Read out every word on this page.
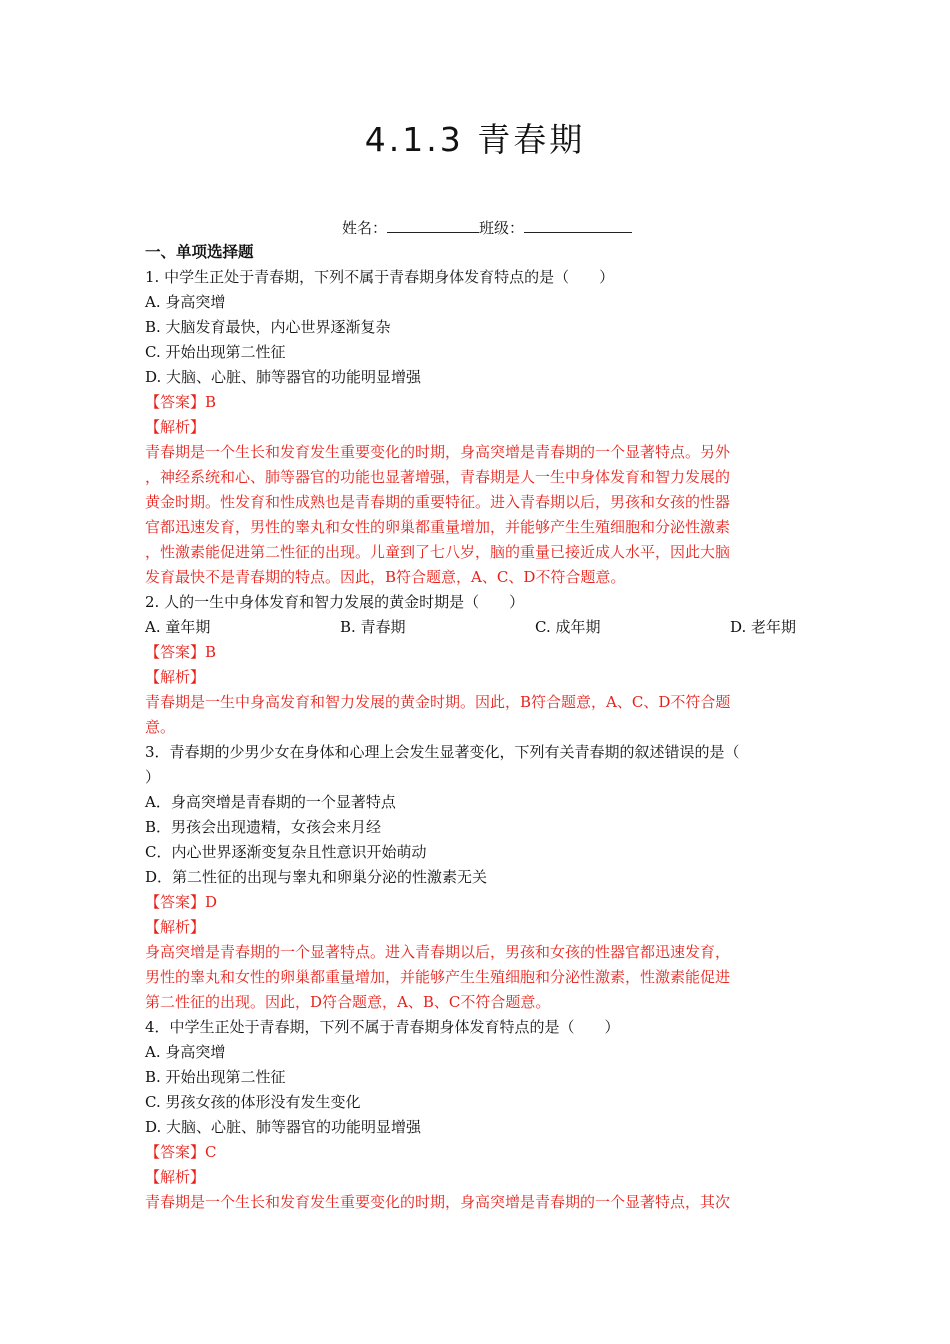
4.1.3 青春期
姓名：	班级：
一、单项选择题
1. 中学生正处于青春期，下列不属于青春期身体发育特点的是（　　）
A. 身高突增
B. 大脑发育最快，内心世界逐渐复杂
C. 开始出现第二性征
D. 大脑、心脏、肺等器官的功能明显增强
【答案】B
【解析】
青春期是一个生长和发育发生重要变化的时期，身高突增是青春期的一个显著特点。另外
，神经系统和心、肺等器官的功能也显著增强，青春期是人一生中身体发育和智力发展的
黄金时期。性发育和性成熟也是青春期的重要特征。进入青春期以后，男孩和女孩的性器
官都迅速发育，男性的睾丸和女性的卵巢都重量增加，并能够产生生殖细胞和分泌性激素
，性激素能促进第二性征的出现。儿童到了七八岁，脑的重量已接近成人水平，因此大脑
发育最快不是青春期的特点。因此，B符合题意，A、C、D不符合题意。
2. 人的一生中身体发育和智力发展的黄金时期是（　　）
A. 童年期	B. 青春期	C. 成年期	D. 老年期
【答案】B
【解析】
青春期是一生中身高发育和智力发展的黄金时期。因此，B符合题意，A、C、D不符合题
意。
3．青春期的少男少女在身体和心理上会发生显著变化，下列有关青春期的叙述错误的是（
）
A．身高突增是青春期的一个显著特点
B．男孩会出现遗精，女孩会来月经
C．内心世界逐渐变复杂且性意识开始萌动
D．第二性征的出现与睾丸和卵巢分泌的性激素无关
【答案】D
【解析】
身高突增是青春期的一个显著特点。进入青春期以后，男孩和女孩的性器官都迅速发育，
男性的睾丸和女性的卵巢都重量增加，并能够产生生殖细胞和分泌性激素，性激素能促进
第二性征的出现。因此，D符合题意，A、B、C不符合题意。
4．中学生正处于青春期，下列不属于青春期身体发育特点的是（　　）
A. 身高突增
B. 开始出现第二性征
C. 男孩女孩的体形没有发生变化
D. 大脑、心脏、肺等器官的功能明显增强
【答案】C
【解析】
青春期是一个生长和发育发生重要变化的时期，身高突增是青春期的一个显著特点，其次
